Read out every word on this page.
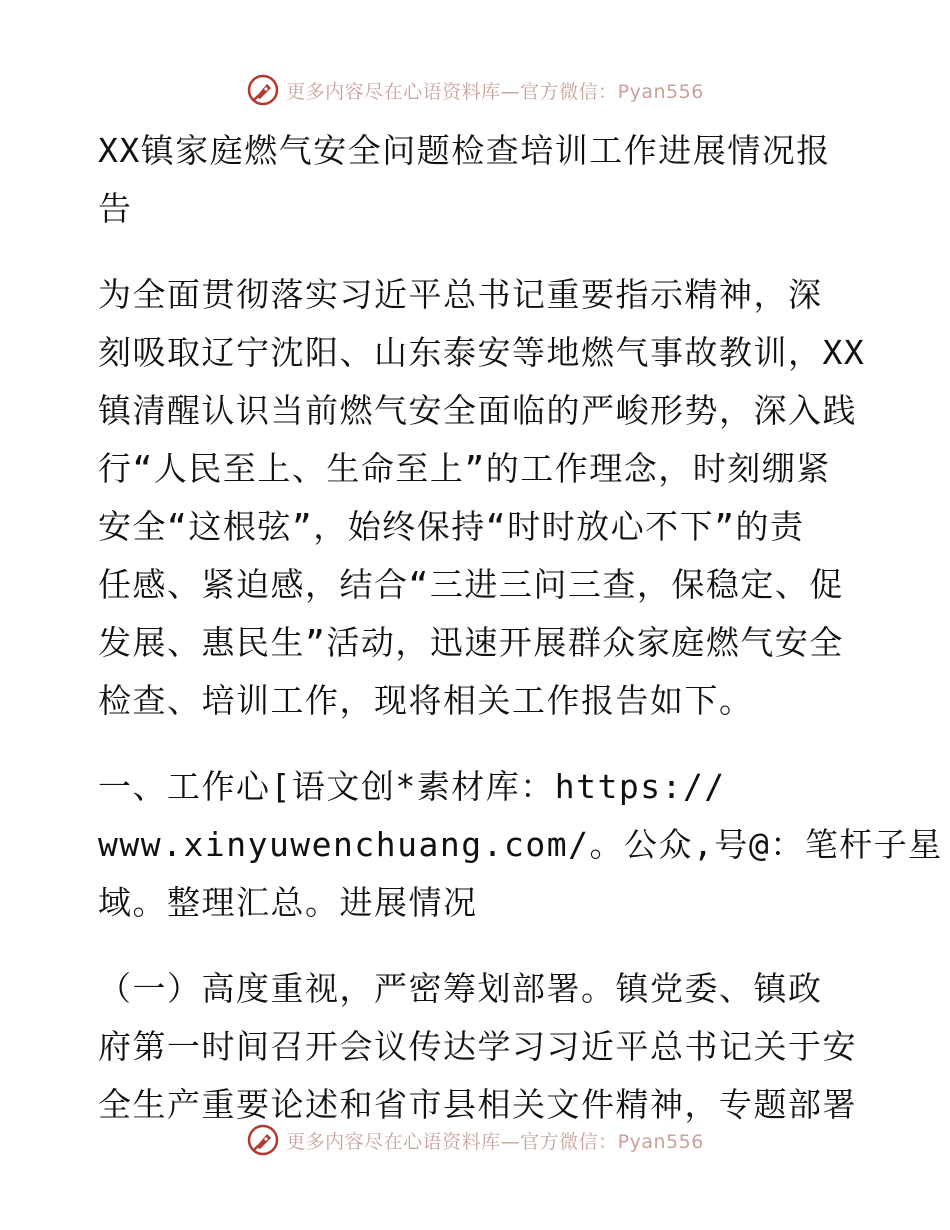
更多内容尽在心语资料库—官方微信：Pyan556
XX镇家庭燃气安全问题检查培训工作进展情况报
告
为全面贯彻落实习近平总书记重要指示精神，深
刻吸取辽宁沈阳、山东泰安等地燃气事故教训，XX
镇清醒认识当前燃气安全面临的严峻形势，深入践
行“人民至上、生命至上”的工作理念，时刻绷紧
安全“这根弦”，始终保持“时时放心不下”的责
任感、紧迫感，结合“三进三问三查，保稳定、促
发展、惠民生”活动，迅速开展群众家庭燃气安全
检查、培训工作，现将相关工作报告如下。
一、工作心[语文创*素材库：https://
www.xinyuwenchuang.com/。公众,号@：笔杆子星
域。整理汇总。进展情况
（一）高度重视，严密筹划部署。镇党委、镇政
府第一时间召开会议传达学习习近平总书记关于安
全生产重要论述和省市县相关文件精神，专题部署
更多内容尽在心语资料库—官方微信：Pyan556
